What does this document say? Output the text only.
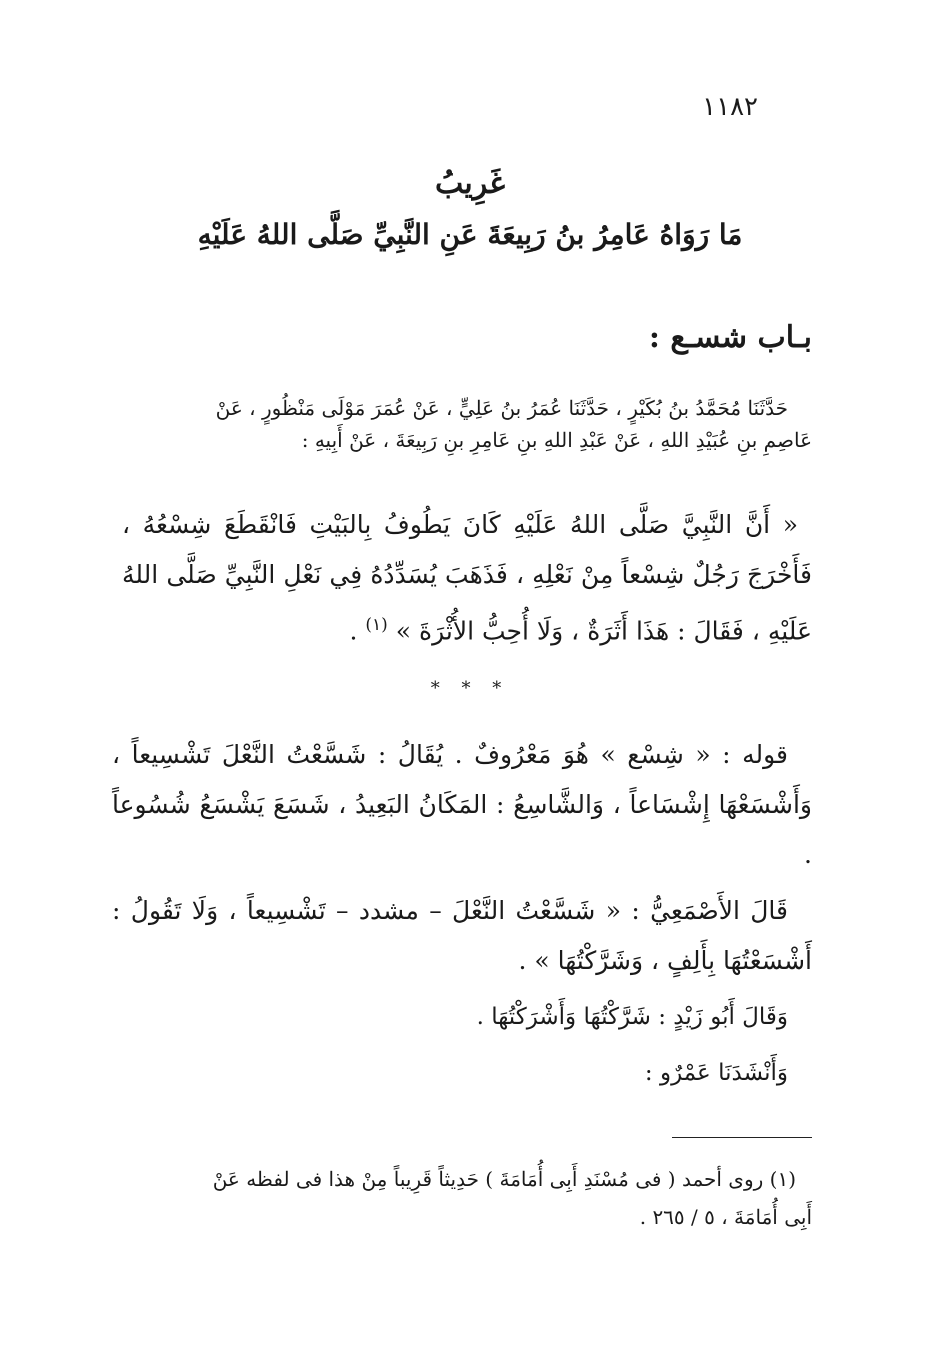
١١٨٢
غَرِيبُ
مَا رَوَاهُ عَامِرُ بنُ رَبِيعَةَ عَنِ النَّبِيِّ صَلَّى اللهُ عَلَيْهِ
بـاب شسـع :

حَدَّثَنَا مُحَمَّدُ بنُ بُكَيْرٍ ، حَدَّثَنَا عُمَرُ بنُ عَلِيٍّ ، عَنْ عُمَرَ مَوْلَى مَنْظُورٍ ، عَنْ

عَاصِمِ بنِ عُبَيْدِ اللهِ ، عَنْ عَبْدِ اللهِ بنِ عَامِرِ بنِ رَبِيعَةَ ، عَنْ أَبِيهِ :

« أَنَّ النَّبِيَّ صَلَّى اللهُ عَلَيْهِ كَانَ يَطُوفُ بِالبَيْتِ فَانْقَطَعَ شِسْعُهُ ، فَأَخْرَجَ رَجُلٌ شِسْعاً مِنْ نَعْلِهِ ، فَذَهَبَ يُسَدِّدُهُ فِي نَعْلِ النَّبِيِّ صَلَّى اللهُ عَلَيْهِ ، فَقَالَ : هَذَا أَثَرَةٌ ، وَلَا أُحِبُّ الأُثْرَةَ » $^{(١)}$ .

* * *

قوله : « شِسْع » هُوَ مَعْرُوفٌ . يُقَالُ : شَسَّعْتُ النَّعْلَ تَشْسِيعاً ، وَأَشْسَعْهَا إِشْسَاعاً ، وَالشَّاسِعُ : المَكَانُ البَعِيدُ ، شَسَعَ يَشْسَعُ شُسُوعاً .

قَالَ الأَصْمَعِيُّ : « شَسَّعْتُ النَّعْلَ – مشدد – تَشْسِيعاً ، وَلَا تَقُولُ : أَشْسَعْتُهَا بِأَلِفٍ ، وَشَرَّكْتُهَا » .

وَقَالَ أَبُو زَيْدٍ : شَرَّكْتُهَا وَأَشْرَكْتُهَا .

وَأَنْشَدَنَا عَمْرٌو :

(١) روى أحمد ( فى مُسْنَدِ أَبِى أُمَامَةَ ) حَدِيثاً قَرِيباً مِنْ هذا فى لفظه عَنْ

أَبِى أُمَامَةَ ، ٥ / ٢٦٥ .
